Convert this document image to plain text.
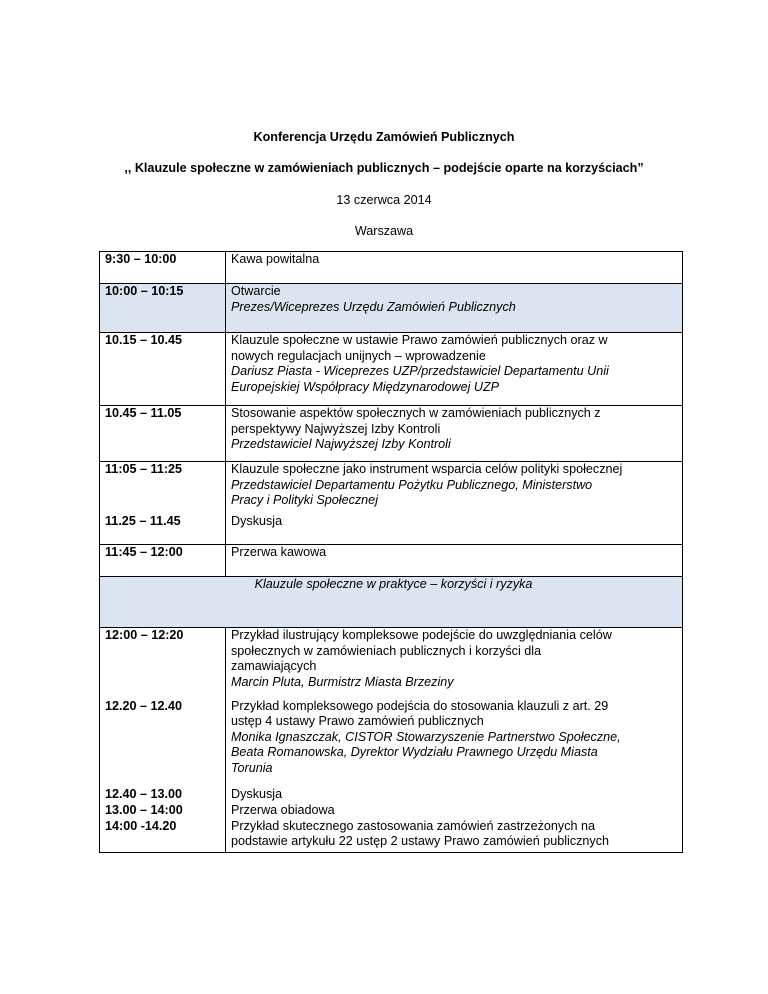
Konferencja Urzędu Zamówień Publicznych
,, Klauzule społeczne w zamówieniach publicznych – podejście oparte na korzyściach”
13 czerwca 2014
Warszawa
9:30 – 10:00	Kawa powitalna

10:00 – 10:15	Otwarcie
Prezes/Wiceprezes Urzędu Zamówień Publicznych

10.15 – 10.45	Klauzule społeczne w ustawie Prawo zamówień publicznych oraz w
nowych regulacjach unijnych – wprowadzenie
Dariusz Piasta - Wiceprezes UZP/przedstawiciel Departamentu Unii
Europejskiej Współpracy Międzynarodowej UZP

10.45 – 11.05	Stosowanie aspektów społecznych w zamówieniach publicznych z
perspektywy Najwyższej Izby Kontroli
Przedstawiciel Najwyższej Izby Kontroli

11:05 – 11:25	Klauzule społeczne jako instrument wsparcia celów polityki społecznej
Przedstawiciel Departamentu Pożytku Publicznego, Ministerstwo
Pracy i Polityki Społecznej

11.25 – 11.45	Dyskusja

11:45 – 12:00	Przerwa kawowa

Klauzule społeczne w praktyce – korzyści i ryzyka	
12:00 – 12:20	Przykład ilustrujący kompleksowe podejście do uwzględniania celów
społecznych w zamówieniach publicznych i korzyści dla
zamawiających
Marcin Pluta, Burmistrz Miasta Brzeziny

12.20 – 12.40	Przykład kompleksowego podejścia do stosowania klauzuli z art. 29
ustęp 4 ustawy Prawo zamówień publicznych
Monika Ignaszczak, CISTOR Stowarzyszenie Partnerstwo Społeczne,
Beata Romanowska, Dyrektor Wydziału Prawnego Urzędu Miasta
Torunia

12.40 – 13.00	Dyskusja

13.00 – 14:00	Przerwa obiadowa

14:00 -14.20	Przykład skutecznego zastosowania zamówień zastrzeżonych na
podstawie artykułu 22 ustęp 2 ustawy Prawo zamówień publicznych
